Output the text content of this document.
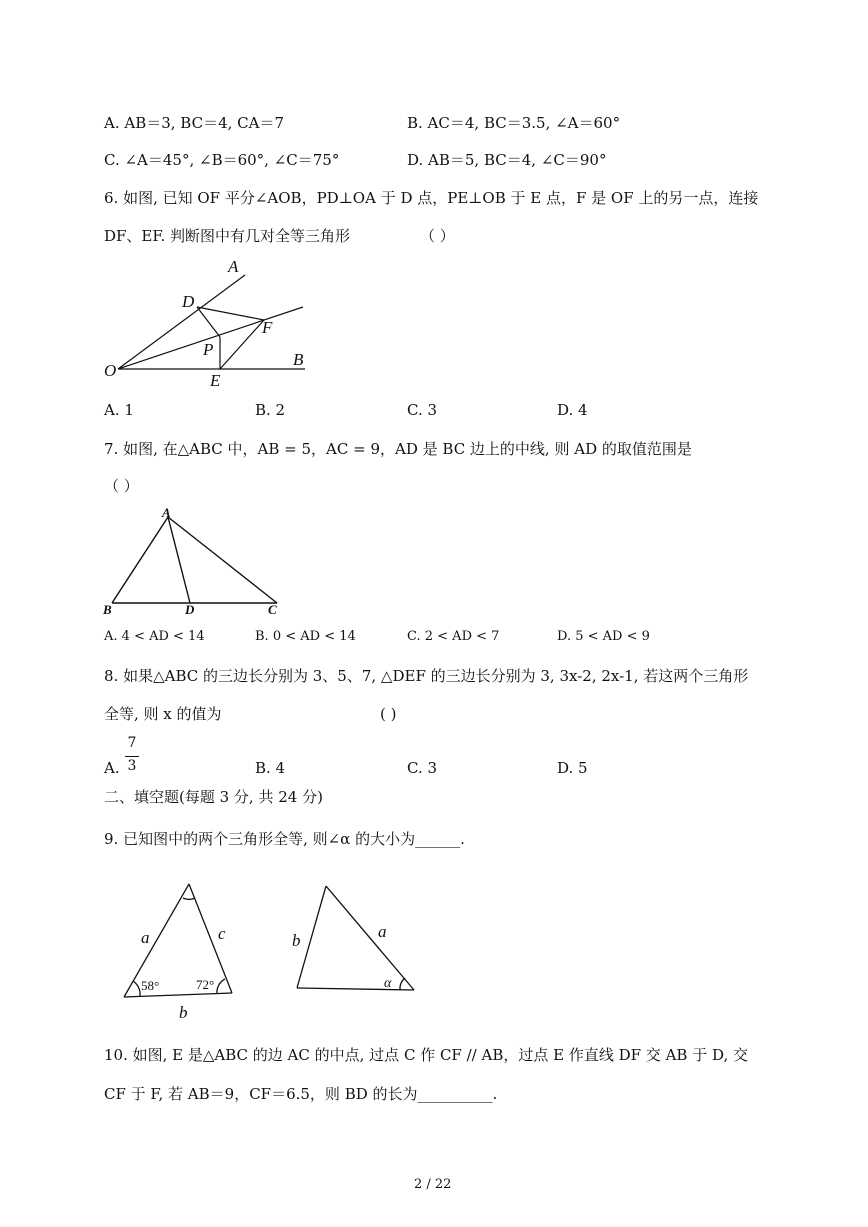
A. AB＝3, BC＝4, CA＝7	B. AC＝4, BC＝3.5, ∠A＝60°
C. ∠A＝45°, ∠B＝60°, ∠C＝75°	D. AB＝5, BC＝4, ∠C＝90°
6. 如图, 已知 OF 平分∠AOB，PD⊥OA 于 D 点，PE⊥OB 于 E 点，F 是 OF 上的另一点，连接
DF、EF. 判断图中有几对全等三角形	（ ）
A
D
F
P
B
O
E
A. 1	B. 2	C. 3	D. 4
7. 如图, 在△ABC 中，AB = 5，AC = 9，AD 是 BC 边上的中线, 则 AD 的取值范围是
（ ）
A
B	D	C
A. 4 < AD < 14	B. 0 < AD < 14	C. 2 < AD < 7	D. 5 < AD < 9
8. 如果△ABC 的三边长分别为 3、5、7, △DEF 的三边长分别为 3, 3x-2, 2x-1, 若这两个三角形
全等, 则 x 的值为	( )
A.
7
3	B. 4	C. 3	D. 5
二、填空题(每题 3 分, 共 24 分)
9. 已知图中的两个三角形全等, 则∠α 的大小为______.
a	c
b
b	a
58°	72°	α
10. 如图, E 是△ABC 的边 AC 的中点, 过点 C 作 CF // AB，过点 E 作直线 DF 交 AB 于 D, 交
CF 于 F, 若 AB＝9，CF＝6.5，则 BD 的长为__________.
2 / 22
